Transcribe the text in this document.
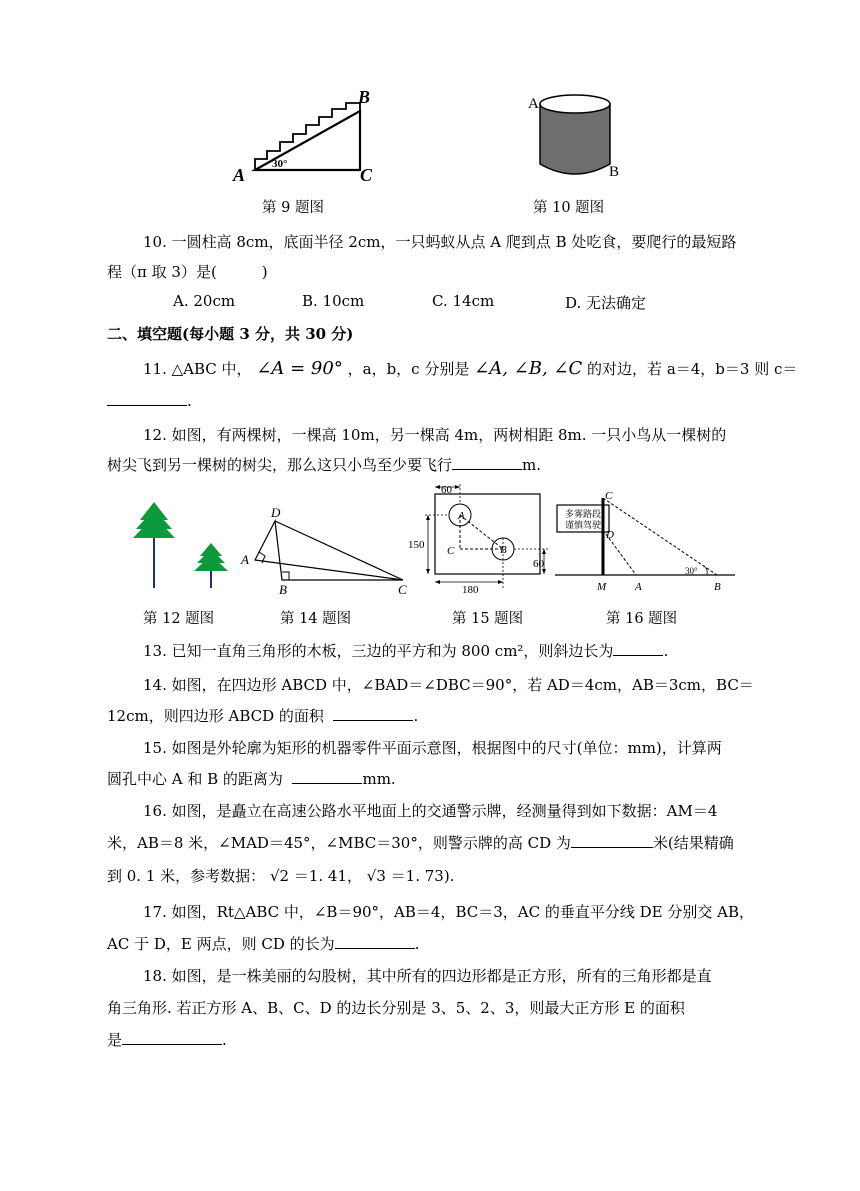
A
B
C
30°
第 9 题图
A
B
第 10 题图
10. 一圆柱高 8cm，底面半径 2cm，一只蚂蚁从点 A 爬到点 B 处吃食，要爬行的最短路
程（π 取 3）是(　　　)
A. 20cm	B. 10cm	C. 14cm	D. 无法确定
二、填空题(每小题 3 分，共 30 分)
11. △ABC 中， ∠A = 90° ，a，b，c 分别是 ∠A, ∠B, ∠C 的对边，若 a＝4，b＝3 则 c＝
.
12. 如图，有两棵树，一棵高 10m，另一棵高 4m，两树相距 8m. 一只小鸟从一棵树的
树尖飞到另一棵树的树尖，那么这只小鸟至少要飞行	m.
第 12 题图
D
A
B	C
第 14 题图
60
150
180
60
A
B
C
第 15 题图
多雾路段
谨慎驾驶
C
D
M	A	B
30°
第 16 题图
13. 已知一直角三角形的木板，三边的平方和为 800 cm²，则斜边长为	.
14. 如图，在四边形 ABCD 中，∠BAD＝∠DBC＝90°，若 AD＝4cm，AB＝3cm，BC＝
12cm，则四边形 ABCD 的面积	.
15. 如图是外轮廓为矩形的机器零件平面示意图，根据图中的尺寸(单位：mm)，计算两
圆孔中心 A 和 B 的距离为	mm.
16. 如图，是矗立在高速公路水平地面上的交通警示牌，经测量得到如下数据：AM＝4
米，AB＝8 米，∠MAD＝45°，∠MBC＝30°，则警示牌的高 CD 为	米(结果精确
到 0. 1 米，参考数据： √2 ＝1. 41， √3 ＝1. 73).
17. 如图，Rt△ABC 中，∠B＝90°，AB＝4，BC＝3，AC 的垂直平分线 DE 分别交 AB，
AC 于 D，E 两点，则 CD 的长为	.
18. 如图，是一株美丽的勾股树，其中所有的四边形都是正方形，所有的三角形都是直
角三角形. 若正方形 A、B、C、D 的边长分别是 3、5、2、3，则最大正方形 E 的面积
是	.
